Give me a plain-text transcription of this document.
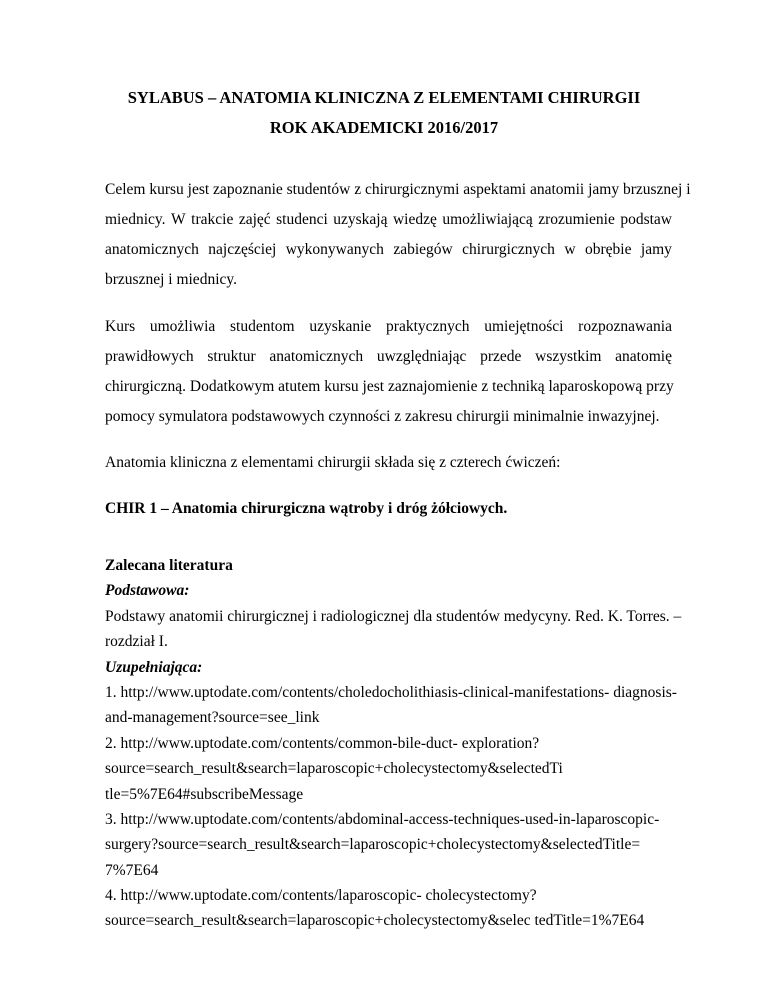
SYLABUS – ANATOMIA KLINICZNA Z ELEMENTAMI CHIRURGII
ROK AKADEMICKI 2016/2017
Celem kursu jest zapoznanie studentów z chirurgicznymi aspektami anatomii jamy brzusznej i
miednicy. W trakcie zajęć studenci uzyskają wiedzę umożliwiającą zrozumienie podstaw
anatomicznych najczęściej wykonywanych zabiegów chirurgicznych w obrębie jamy
brzusznej i miednicy.
Kurs umożliwia studentom uzyskanie praktycznych umiejętności rozpoznawania
prawidłowych struktur anatomicznych uwzględniając przede wszystkim anatomię
chirurgiczną. Dodatkowym atutem kursu jest zaznajomienie z techniką laparoskopową przy
pomocy symulatora podstawowych czynności z zakresu chirurgii minimalnie inwazyjnej.
Anatomia kliniczna z elementami chirurgii składa się z czterech ćwiczeń:
CHIR 1 – Anatomia chirurgiczna wątroby i dróg żółciowych.
Zalecana literatura
Podstawowa:
Podstawy anatomii chirurgicznej i radiologicznej dla studentów medycyny. Red. K. Torres. –
rozdział I.
Uzupełniająca:
1. http://www.uptodate.com/contents/choledocholithiasis-clinical-manifestations- diagnosis-
and-management?source=see_link
2. http://www.uptodate.com/contents/common-bile-duct- exploration?
source=search_result&search=laparoscopic+cholecystectomy&selectedTi
tle=5%7E64#subscribeMessage
3. http://www.uptodate.com/contents/abdominal-access-techniques-used-in-laparoscopic-
surgery?source=search_result&search=laparoscopic+cholecystectomy&selectedTitle=
7%7E64
4. http://www.uptodate.com/contents/laparoscopic- cholecystectomy?
source=search_result&search=laparoscopic+cholecystectomy&selec tedTitle=1%7E64
